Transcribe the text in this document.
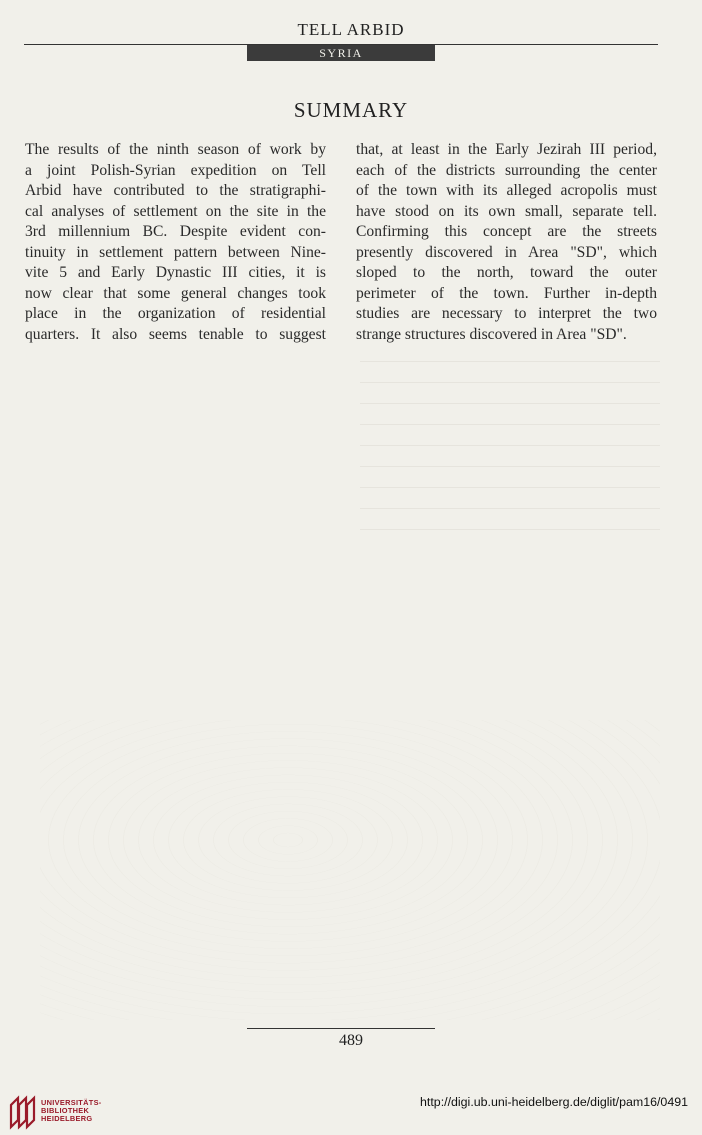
TELL ARBID
SYRIA
SUMMARY
The results of the ninth season of work by
a joint Polish-Syrian expedition on Tell
Arbid have contributed to the stratigraphi-
cal analyses of settlement on the site in the
3rd millennium BC. Despite evident con-
tinuity in settlement pattern between Nine-
vite 5 and Early Dynastic III cities, it is
now clear that some general changes took
place in the organization of residential
quarters. It also seems tenable to suggest
that, at least in the Early Jezirah III period,
each of the districts surrounding the center
of the town with its alleged acropolis must
have stood on its own small, separate tell.
Confirming this concept are the streets
presently discovered in Area "SD", which
sloped to the north, toward the outer
perimeter of the town. Further in-depth
studies are necessary to interpret the two
strange structures discovered in Area "SD".
489
UNIVERSITÄTS-
BIBLIOTHEK
HEIDELBERG
http://digi.ub.uni-heidelberg.de/diglit/pam16/0491
